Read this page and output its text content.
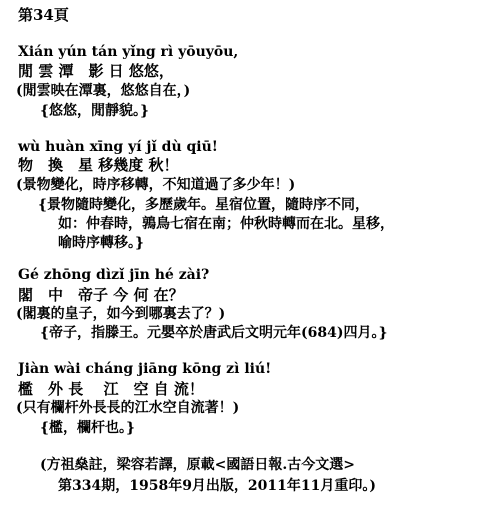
第34頁
Xián yún tán yǐng rì yōuyōu,
閒 雲 潭　影 日 悠悠，
(閒雲映在潭裏，悠悠自在，)
{悠悠，閒靜貌。}
wù huàn xīng yí jǐ dù qiū!
物　換　星 移幾度 秋！
(景物變化，時序移轉，不知道過了多少年！)
{景物隨時變化，多歷歲年。星宿位置，隨時序不同，
如：仲春時，鶉鳥七宿在南；仲秋時轉而在北。星移，
喻時序轉移。}
Gé zhōng dìzǐ jīn hé zài?
閣　中　帝子 今 何 在？
(閣裏的皇子，如今到哪裏去了？)
{帝子，指滕王。元嬰卒於唐武后文明元年(684)四月。}
Jiàn wài cháng jiāng kōng zì liú!
檻　外 長　 江　空 自 流！
(只有欄杆外長長的江水空自流著！)
{檻，欄杆也。}
(方祖燊註，梁容若譯，原載<國語日報.古今文選>
第334期，1958年9月出版，2011年11月重印。)
